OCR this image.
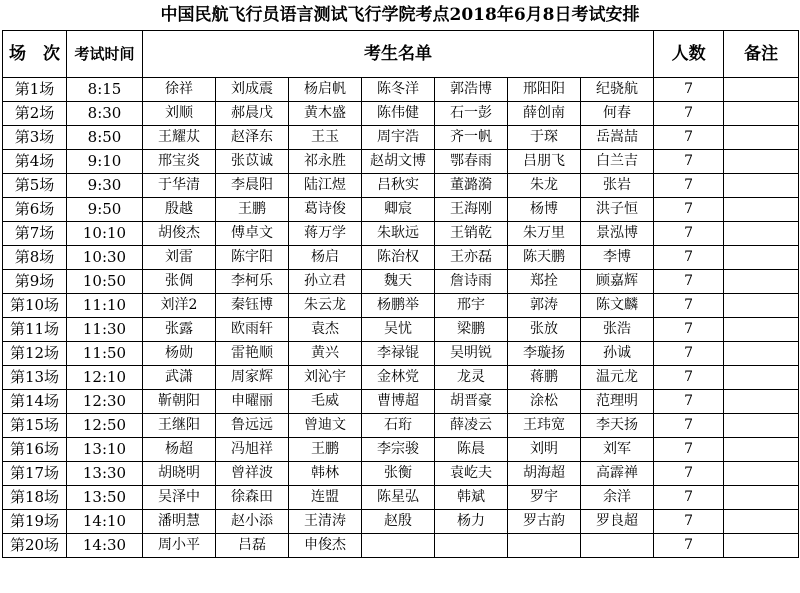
中国民航飞行员语言测试飞行学院考点2018年6月8日考试安排
场　次	考试时间	考生名单							人数	备注
第1场	8:15	徐祥	刘成震	杨启帆	陈冬洋	郭浩博	邢阳阳	纪骁航	7	
第2场	8:30	刘顺	郝晨戊	黄木盛	陈伟健	石一彭	薛创南	何春	7	
第3场	8:50	王耀苁	赵泽东	王玉	周宇浩	齐一帆	于琛	岳嵩喆	7	
第4场	9:10	邢宝炎	张苡诚	祁永胜	赵胡文博	鄂春雨	吕朋飞	白兰吉	7	
第5场	9:30	于华清	李晨阳	陆江煜	吕秋实	董潞漪	朱龙	张岩	7	
第6场	9:50	殷越	王鹏	葛诗俊	卿宸	王海刚	杨博	洪子恒	7	
第7场	10:10	胡俊杰	傅卓文	蒋万学	朱耿远	王销乾	朱万里	景泓博	7	
第8场	10:30	刘雷	陈宇阳	杨启	陈治权	王亦磊	陈天鹏	李博	7	
第9场	10:50	张倜	李柯乐	孙立君	魏天	詹诗雨	郑拴	顾嘉辉	7	
第10场	11:10	刘洋2	秦钰博	朱云龙	杨鹏举	邢宇	郭涛	陈文麟	7	
第11场	11:30	张露	欧雨轩	袁杰	吴忧	梁鹏	张放	张浩	7	
第12场	11:50	杨勋	雷艳顺	黄兴	李禄锟	吴明锐	李璇扬	孙诚	7	
第13场	12:10	武潇	周家辉	刘沁宇	金林党	龙灵	蒋鹏	温元龙	7	
第14场	12:30	靳朝阳	申曜丽	毛威	曹博超	胡晋豪	涂松	范理明	7	
第15场	12:50	王继阳	鲁远远	曾迪文	石珩	薛凌云	王玮宽	李天扬	7	
第16场	13:10	杨超	冯旭祥	王鹏	李宗骏	陈晨	刘明	刘军	7	
第17场	13:30	胡晓明	曾祥波	韩林	张衡	袁屹夫	胡海超	高霹禅	7	
第18场	13:50	吴泽中	徐森田	连盟	陈星弘	韩斌	罗宇	余洋	7	
第19场	14:10	潘明慧	赵小添	王清涛	赵殷	杨力	罗古韵	罗良超	7	
第20场	14:30	周小平	吕磊	申俊杰					7	
